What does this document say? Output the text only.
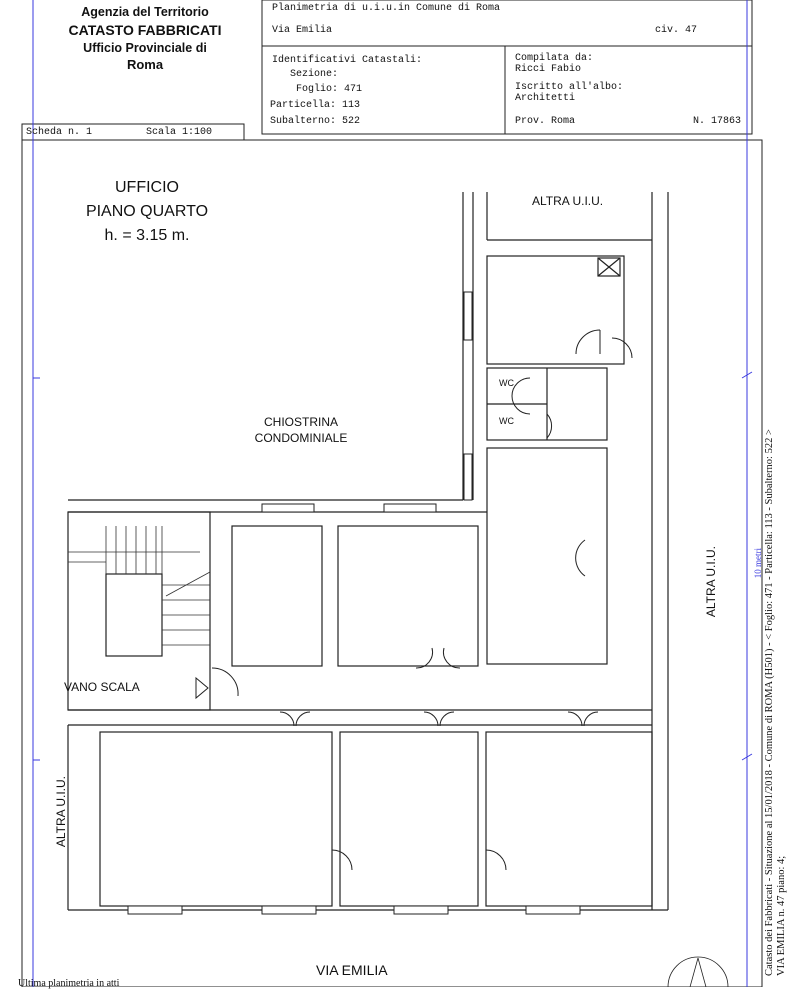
Agenzia del Territorio
CATASTO FABBRICATI
Ufficio Provinciale di
Roma
Planimetria di u.i.u.in Comune di Roma
Via Emilia	civ. 47
Identificativi Catastali:
Sezione:
Foglio: 471
Particella: 113
Subalterno: 522
Compilata da:
Ricci Fabio
Iscritto all'albo:
Architetti
Prov. Roma	N. 17863
Scheda n. 1	Scala 1:100
UFFICIO
PIANO QUARTO
h. = 3.15 m.
ALTRA U.I.U.
CHIOSTRINA
CONDOMINIALE
WC
WC
VANO SCALA
ALTRA U.I.U.
ALTRA U.I.U.
VIA EMILIA	Catasto dei Fabbricati - Situazione al 15/01/2018 - Comune di ROMA (H501) - < Foglio: 471 - Particella: 113 - Subalterno: 522 > VIA EMILIA n. 47 piano: 4;
10 metri
Ultima planimetria in atti
